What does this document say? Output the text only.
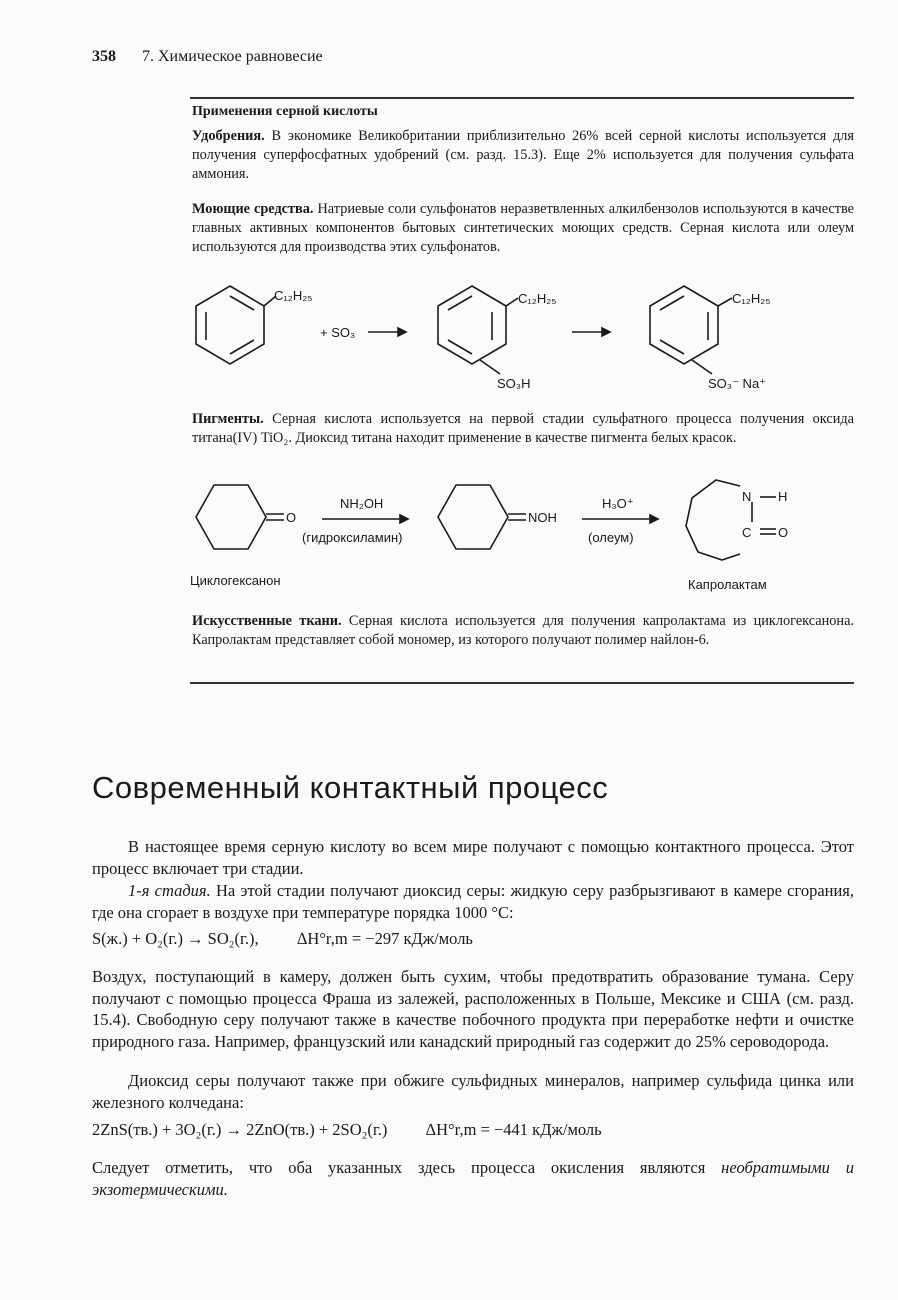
358 7. Химическое равновесие
Применения серной кислоты
Удобрения. В экономике Великобритании приблизительно 26% всей серной кислоты используется для получения суперфосфатных удобрений (см. разд. 15.3). Еще 2% используется для получения сульфата аммония.
Моющие средства. Натриевые соли сульфонатов неразветвленных алкилбензолов используются в качестве главных активных компонентов бытовых синтетических моющих средств. Серная кислота или олеум используются для производства этих сульфонатов.
C₁₂H₂₅
+ SO₃
C₁₂H₂₅
SO₃H
C₁₂H₂₅
SO₃⁻ Na⁺
Пигменты. Серная кислота используется на первой стадии сульфатного процесса получения оксида титана(IV) TiO₂. Диоксид титана находит применение в качестве пигмента белых красок.
O
NH₂OH
(гидроксиламин)
NOH
H₃O⁺
(олеум)
N H
C O
Циклогексанон	Капролактам
Искусственные ткани. Серная кислота используется для получения капролактама из циклогексанона. Капролактам представляет собой мономер, из которого получают полимер найлон-6.
Современный контактный процесс
В настоящее время серную кислоту во всем мире получают с помощью контактного процесса. Этот процесс включает три стадии.
1-я стадия. На этой стадии получают диоксид серы: жидкую серу разбрызгивают в камере сгорания, где она сгорает в воздухе при температуре порядка 1000 °С:
S(ж.) + O₂(г.) → SO₂(г.), ΔH°r,m = −297 кДж/моль
Воздух, поступающий в камеру, должен быть сухим, чтобы предотвратить образование тумана. Серу получают с помощью процесса Фраша из залежей, расположенных в Польше, Мексике и США (см. разд. 15.4). Свободную серу получают также в качестве побочного продукта при переработке нефти и очистке природного газа. Например, французский или канадский природный газ содержит до 25% сероводорода.
Диоксид серы получают также при обжиге сульфидных минералов, например сульфида цинка или железного колчедана:
2ZnS(тв.) + 3O₂(г.) → 2ZnO(тв.) + 2SO₂(г.) ΔH°r,m = −441 кДж/моль
Следует отметить, что оба указанных здесь процесса окисления являются необратимыми и экзотермическими.
